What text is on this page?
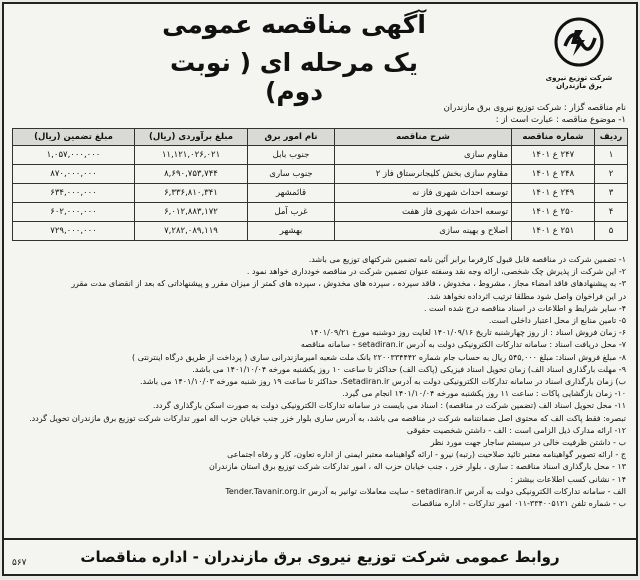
آگهی مناقصه عمومی
یک مرحله ای ( نوبت دوم)	شرکت توزیع نیروی برق مازندران
نام مناقصه گزار : شرکت توزیع نیروی برق مازندران
۱- موضوع مناقصه : عبارت است از :
ردیف	شماره مناقصه	شرح مناقصه	نام امور برق	مبلغ برآوردی (ریال)	مبلغ تضمین (ریال)
۱	۲۴۷ ع ۱۴۰۱	مقاوم سازی	جنوب بابل	۱۱,۱۲۱,۰۲۶,۰۲۱	۱,۰۵۷,۰۰۰,۰۰۰
۲	۲۴۸ ع ۱۴۰۱	مقاوم سازی بخش کلیجانرستاق فاز ۲	جنوب ساری	۸,۶۹۰,۷۵۳,۷۴۴	۸۷۰,۰۰۰,۰۰۰
۳	۲۴۹ ع ۱۴۰۱	توسعه احداث شهری فاز نه	قائمشهر	۶,۳۳۶,۸۱۰,۳۴۱	۶۳۴,۰۰۰,۰۰۰
۴	۲۵۰ ع ۱۴۰۱	توسعه احداث شهری فاز هفت	غرب آمل	۶,۰۱۲,۸۸۳,۱۷۲	۶۰۲,۰۰۰,۰۰۰
۵	۲۵۱ ع ۱۴۰۱	اصلاح و بهینه سازی	بهشهر	۷,۲۸۲,۰۸۹,۱۱۹	۷۲۹,۰۰۰,۰۰۰
۱- تضمین شرکت در مناقصه قابل قبول کارفرما برابر آئین نامه تضمین شرکتهای توزیع می باشد.
۲- این شرکت از پذیرش چک شخصی، ارائه وجه نقد وسفته عنوان تضمین شرکت در مناقصه خودداری خواهد نمود .
۳- به پیشنهادهای فاقد امضاء مجاز ، مشروط ، مخدوش ، فاقد سپرده ، سپرده های مخدوش ، سپرده های کمتر از میزان مقرر و پیشنهاداتی که بعد از انقضای مدت مقرر
در این فراخوان واصل شود مطلقا ترتیب اثرداده نخواهد شد.
۴- سایر شرایط و اطلاعات در اسناد مناقصه درج شده است .
۵- تامین منابع از محل اعتبار داخلی است.
۶- زمان فروش اسناد : از روز چهارشنبه تاریخ ۱۴۰۱/۰۹/۱۶ لغایت روز دوشنبه مورخ ۱۴۰۱/۰۹/۲۱
۷- محل دریافت اسناد : سامانه تدارکات الکترونیکی دولت به آدرس setadiran.ir - سامانه مناقصه
۸- مبلغ فروش اسناد: مبلغ ۵۴۵,۰۰۰ ریال به حساب جام شماره ۲۲۰۰۳۳۴۴۴۲ بانک ملت شعبه امیرمازندرانی ساری ( پرداخت از طریق درگاه اینترنتی )
۹- مهلت بارگذاری اسناد الف) زمان تحویل اسناد فیزیکی (پاکت الف) حداکثر تا ساعت ۱۰ روز یکشنبه مورخه ۱۴۰۱/۱۰/۰۴ می باشد.
ب) زمان بارگذاری اسناد در سامانه تدارکات الکترونیکی دولت به آدرس Setadiran.ir، حداکثر تا ساعت ۱۹ روز شنبه مورخه ۱۴۰۱/۱۰/۰۳ می باشد.
۱۰- زمان بازگشایی پاکات : ساعت ۱۱ روز یکشنبه مورخه ۱۴۰۱/۱۰/۰۴ انجام می گیرد.
۱۱- محل تحویل اسناد الف (تضمین شرکت در مناقصه) : اسناد می بایست در سامانه تدارکات الکترونیکی دولت به صورت اسکن بارگذاری گردد.
تبصره: فقط پاکت الف که محتوی اصل ضمانتنامه شرکت در مناقصه می باشد، به آدرس ساری بلوار خزر جنب خیابان حزب اله امور تدارکات شرکت توزیع برق مازندران تحویل گردد.
۱۲- ارائه مدارک ذیل الزامی است : الف - داشتن شخصیت حقوقی
ب - داشتن ظرفیت خالی در سیستم ساجار جهت مورد نظر
ج - ارائه تصویر گواهینامه معتبر تائید صلاحیت (رتبه) نیرو - ارائه گواهینامه معتبر ایمنی از اداره تعاون، کار و رفاه اجتماعی
۱۳ - محل بارگذاری اسناد مناقصه : ساری ، بلوار خزر ، جنب خیابان حزب اله ، امور تدارکات شرکت توزیع برق استان مازندران
۱۴ - نشانی کسب اطلاعات بیشتر :
الف - سامانه تدارکات الکترونیکی دولت به آدرس setadiran.ir - سایت معاملات توانیر به آدرس Tender.Tavanir.org.ir
ب - شماره تلفن ۳۳۴۰۰۵۱۲۱-۰۱۱ امور تدارکات - اداره مناقصات
روابط عمومی شرکت توزیع نیروی برق مازندران - اداره مناقصات
۵۶۷
